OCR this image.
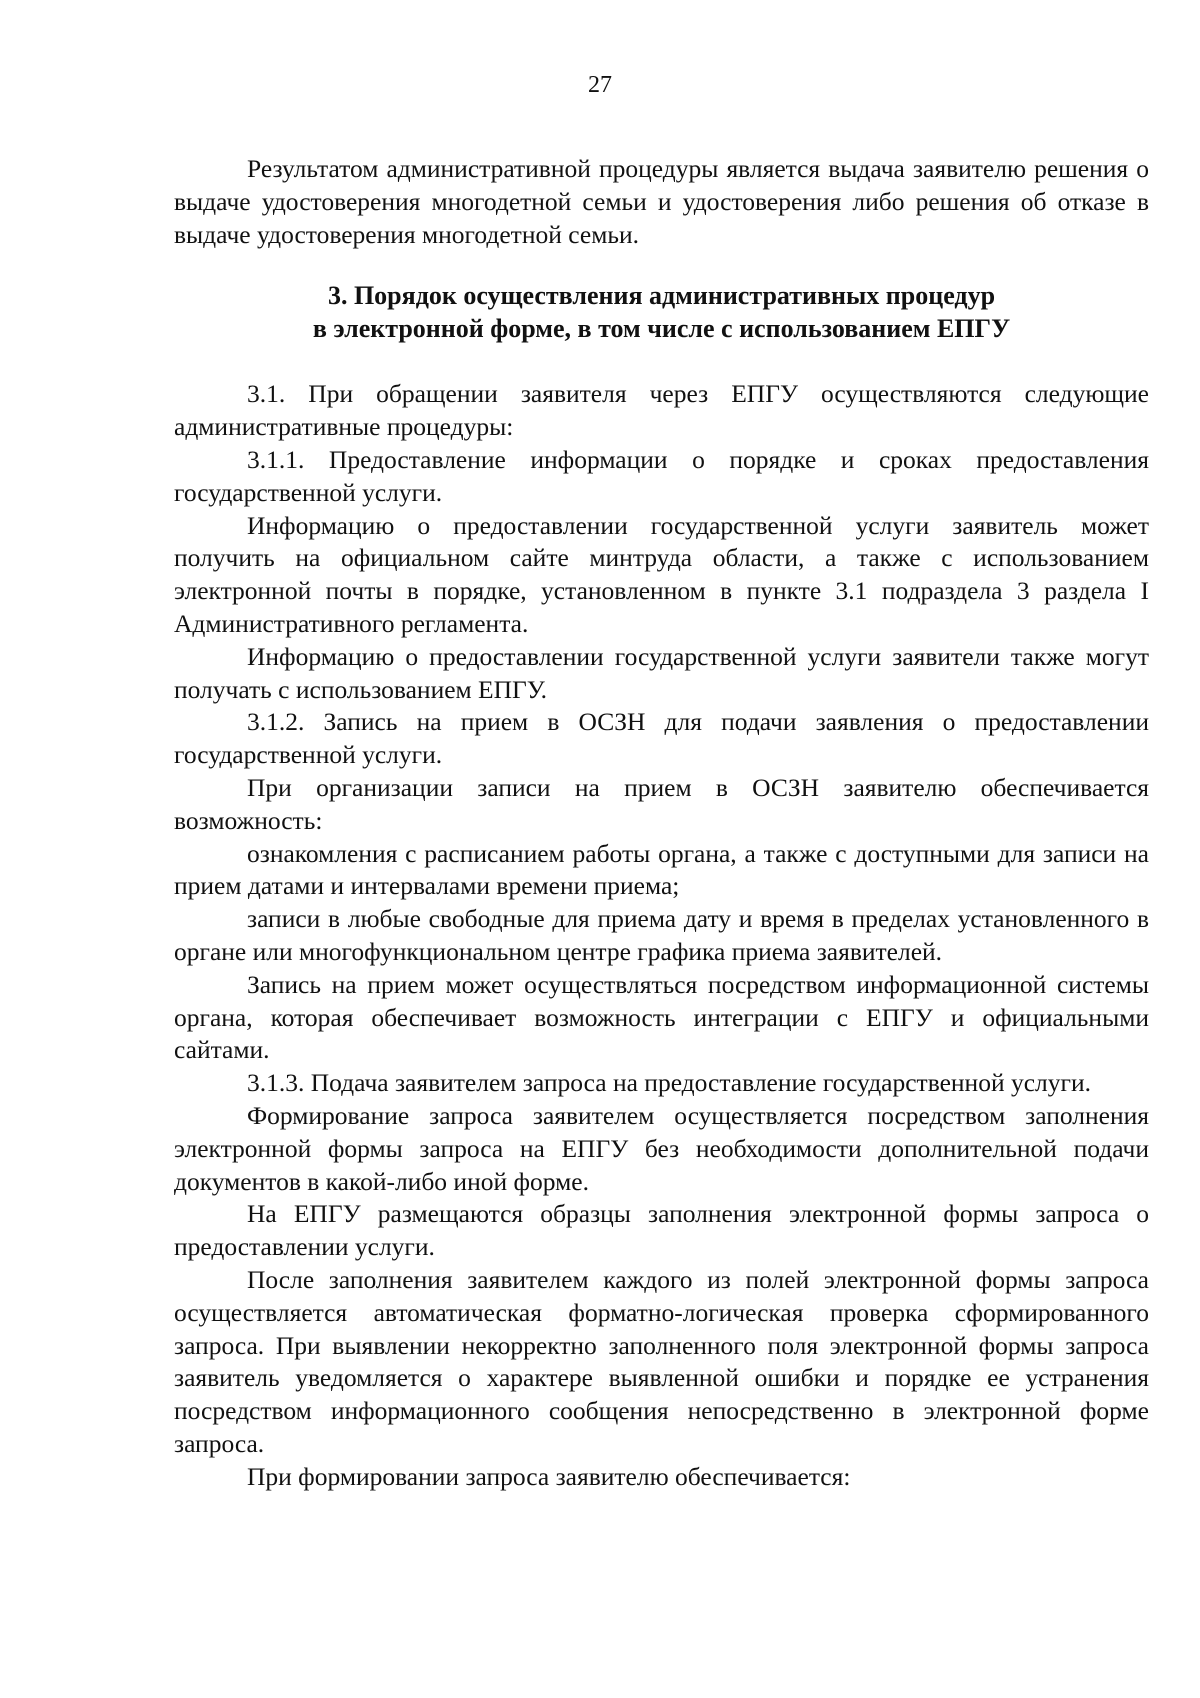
27

Результатом административной процедуры является выдача заявителю решения о выдаче удостоверения многодетной семьи и удостоверения либо решения об отказе в выдаче удостоверения многодетной семьи.

3. Порядок осуществления административных процедур
в электронной форме, в том числе с использованием ЕПГУ

3.1. При обращении заявителя через ЕПГУ осуществляются следующие административные процедуры:

3.1.1. Предоставление информации о порядке и сроках предоставления государственной услуги.

Информацию о предоставлении государственной услуги заявитель может получить на официальном сайте минтруда области, а также с использованием электронной почты в порядке, установленном в пункте 3.1 подраздела 3 раздела I Административного регламента.

Информацию о предоставлении государственной услуги заявители также могут получать с использованием ЕПГУ.

3.1.2. Запись на прием в ОСЗН для подачи заявления о предоставлении государственной услуги.

При организации записи на прием в ОСЗН заявителю обеспечивается возможность:

ознакомления с расписанием работы органа, а также с доступными для записи на прием датами и интервалами времени приема;

записи в любые свободные для приема дату и время в пределах установленного в органе или многофункциональном центре графика приема заявителей.

Запись на прием может осуществляться посредством информационной системы органа, которая обеспечивает возможность интеграции с ЕПГУ и официальными сайтами.

3.1.3. Подача заявителем запроса на предоставление государственной услуги.

Формирование запроса заявителем осуществляется посредством заполнения электронной формы запроса на ЕПГУ без необходимости дополнительной подачи документов в какой-либо иной форме.

На ЕПГУ размещаются образцы заполнения электронной формы запроса о предоставлении услуги.

После заполнения заявителем каждого из полей электронной формы запроса осуществляется автоматическая форматно-логическая проверка сформированного запроса. При выявлении некорректно заполненного поля электронной формы запроса заявитель уведомляется о характере выявленной ошибки и порядке ее устранения посредством информационного сообщения непосредственно в электронной форме запроса.

При формировании запроса заявителю обеспечивается:
